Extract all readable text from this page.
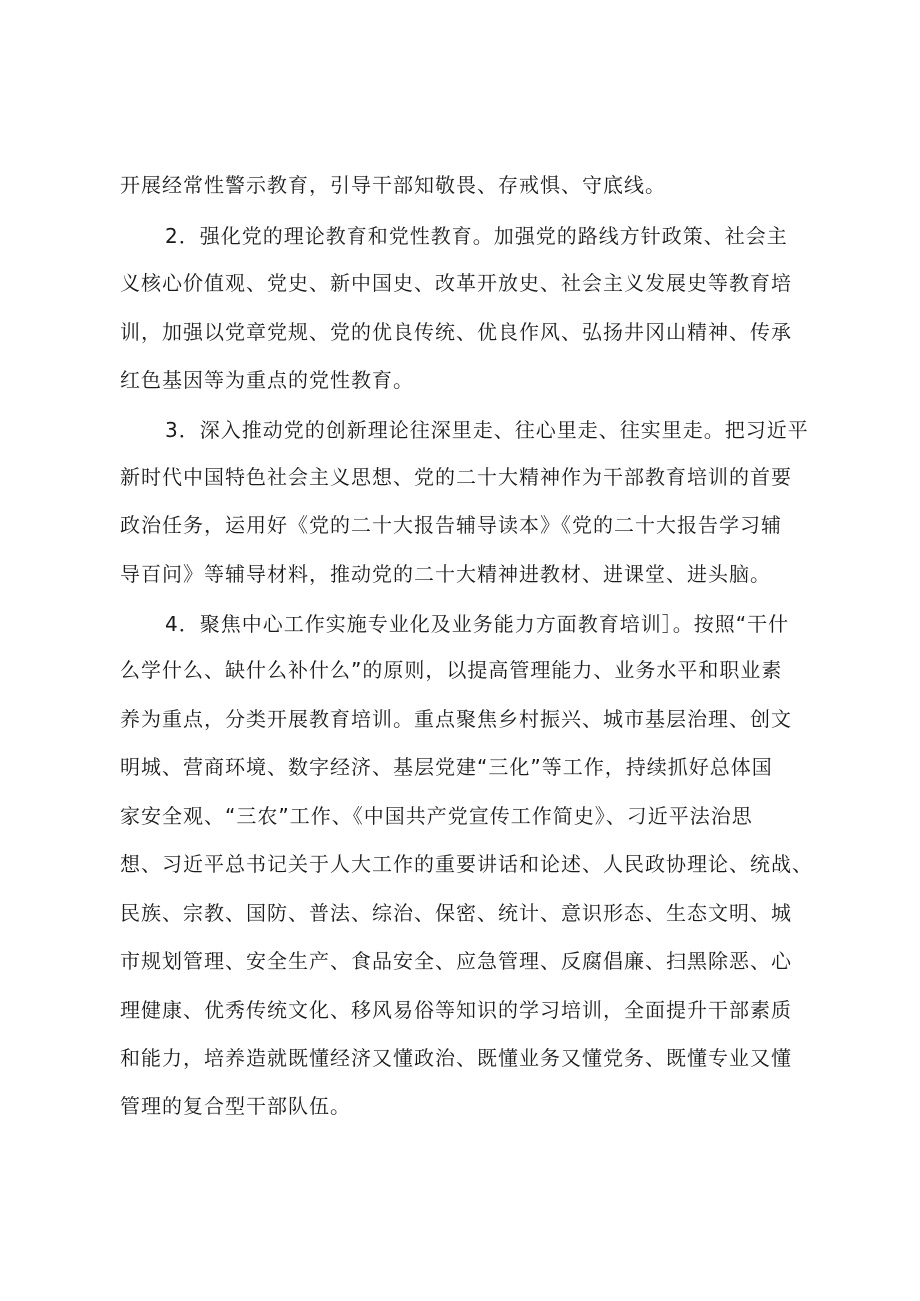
开展经常性警示教育，引导干部知敬畏、存戒惧、守底线。
2．强化党的理论教育和党性教育。加强党的路线方针政策、社会主
义核心价值观、党史、新中国史、改革开放史、社会主义发展史等教育培
训，加强以党章党规、党的优良传统、优良作风、弘扬井冈山精神、传承
红色基因等为重点的党性教育。
3．深入推动党的创新理论往深里走、往心里走、往实里走。把习近平
新时代中国特色社会主义思想、党的二十大精神作为干部教育培训的首要
政治任务，运用好《党的二十大报告辅导读本》《党的二十大报告学习辅
导百问》等辅导材料，推动党的二十大精神进教材、进课堂、进头脑。
4．聚焦中心工作实施专业化及业务能力方面教育培训］。按照“干什
么学什么、缺什么补什么”的原则，以提高管理能力、业务水平和职业素
养为重点，分类开展教育培训。重点聚焦乡村振兴、城市基层治理、创文
明城、营商环境、数字经济、基层党建“三化”等工作，持续抓好总体国
家安全观、“三农”工作、《中国共产党宣传工作简史》、刁近平法治思
想、习近平总书记关于人大工作的重要讲话和论述、人民政协理论、统战、
民族、宗教、国防、普法、综治、保密、统计、意识形态、生态文明、城
市规划管理、安全生产、食品安全、应急管理、反腐倡廉、扫黑除恶、心
理健康、优秀传统文化、移风易俗等知识的学习培训，全面提升干部素质
和能力，培养造就既懂经济又懂政治、既懂业务又懂党务、既懂专业又懂
管理的复合型干部队伍。
